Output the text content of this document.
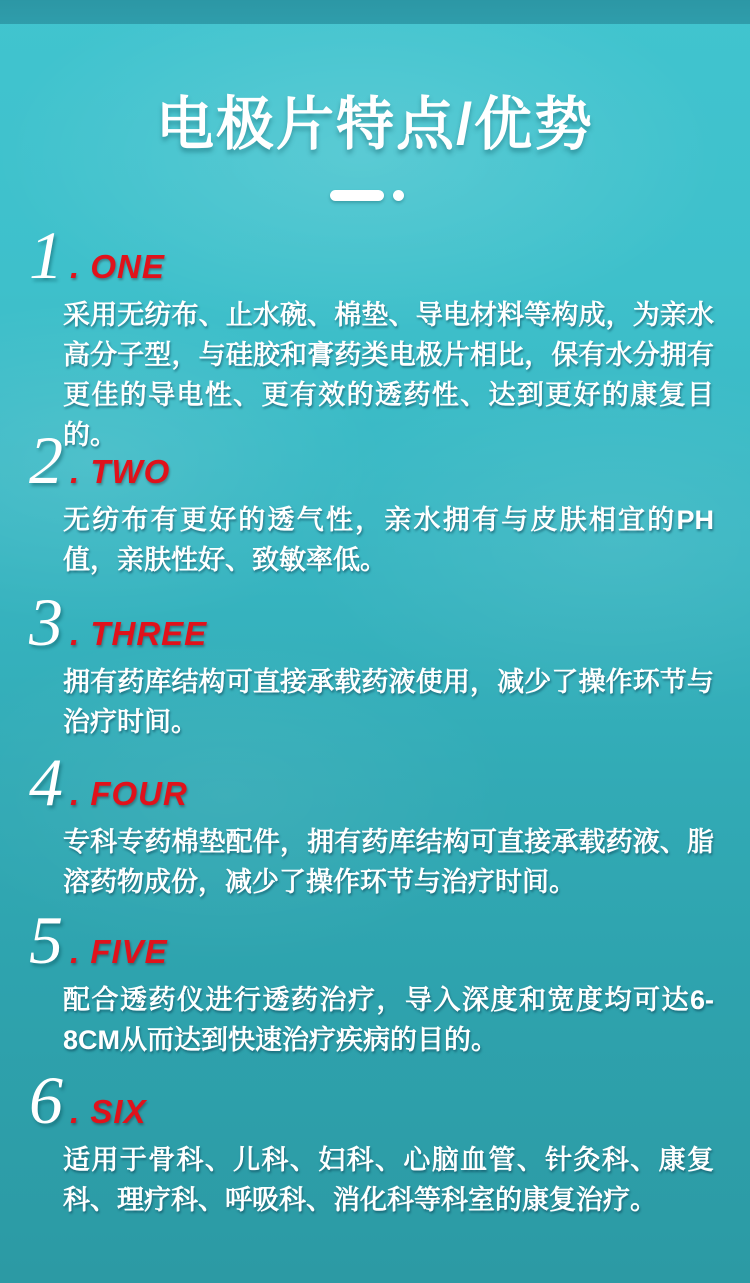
电极片特点/优势
1 . ONE
采用无纺布、止水碗、棉垫、导电材料等构成，为亲水高分子型，与硅胶和膏药类电极片相比，保有水分拥有更佳的导电性、更有效的透药性、达到更好的康复目的。
2 . TWO
无纺布有更好的透气性，亲水拥有与皮肤相宜的PH值，亲肤性好、致敏率低。
3 . THREE
拥有药库结构可直接承载药液使用，减少了操作环节与治疗时间。
4 . FOUR
专科专药棉垫配件，拥有药库结构可直接承载药液、脂溶药物成份，减少了操作环节与治疗时间。
5 . FIVE
配合透药仪进行透药治疗，导入深度和宽度均可达6-8CM从而达到快速治疗疾病的目的。
6 . SIX
适用于骨科、儿科、妇科、心脑血管、针灸科、康复科、理疗科、呼吸科、消化科等科室的康复治疗。
